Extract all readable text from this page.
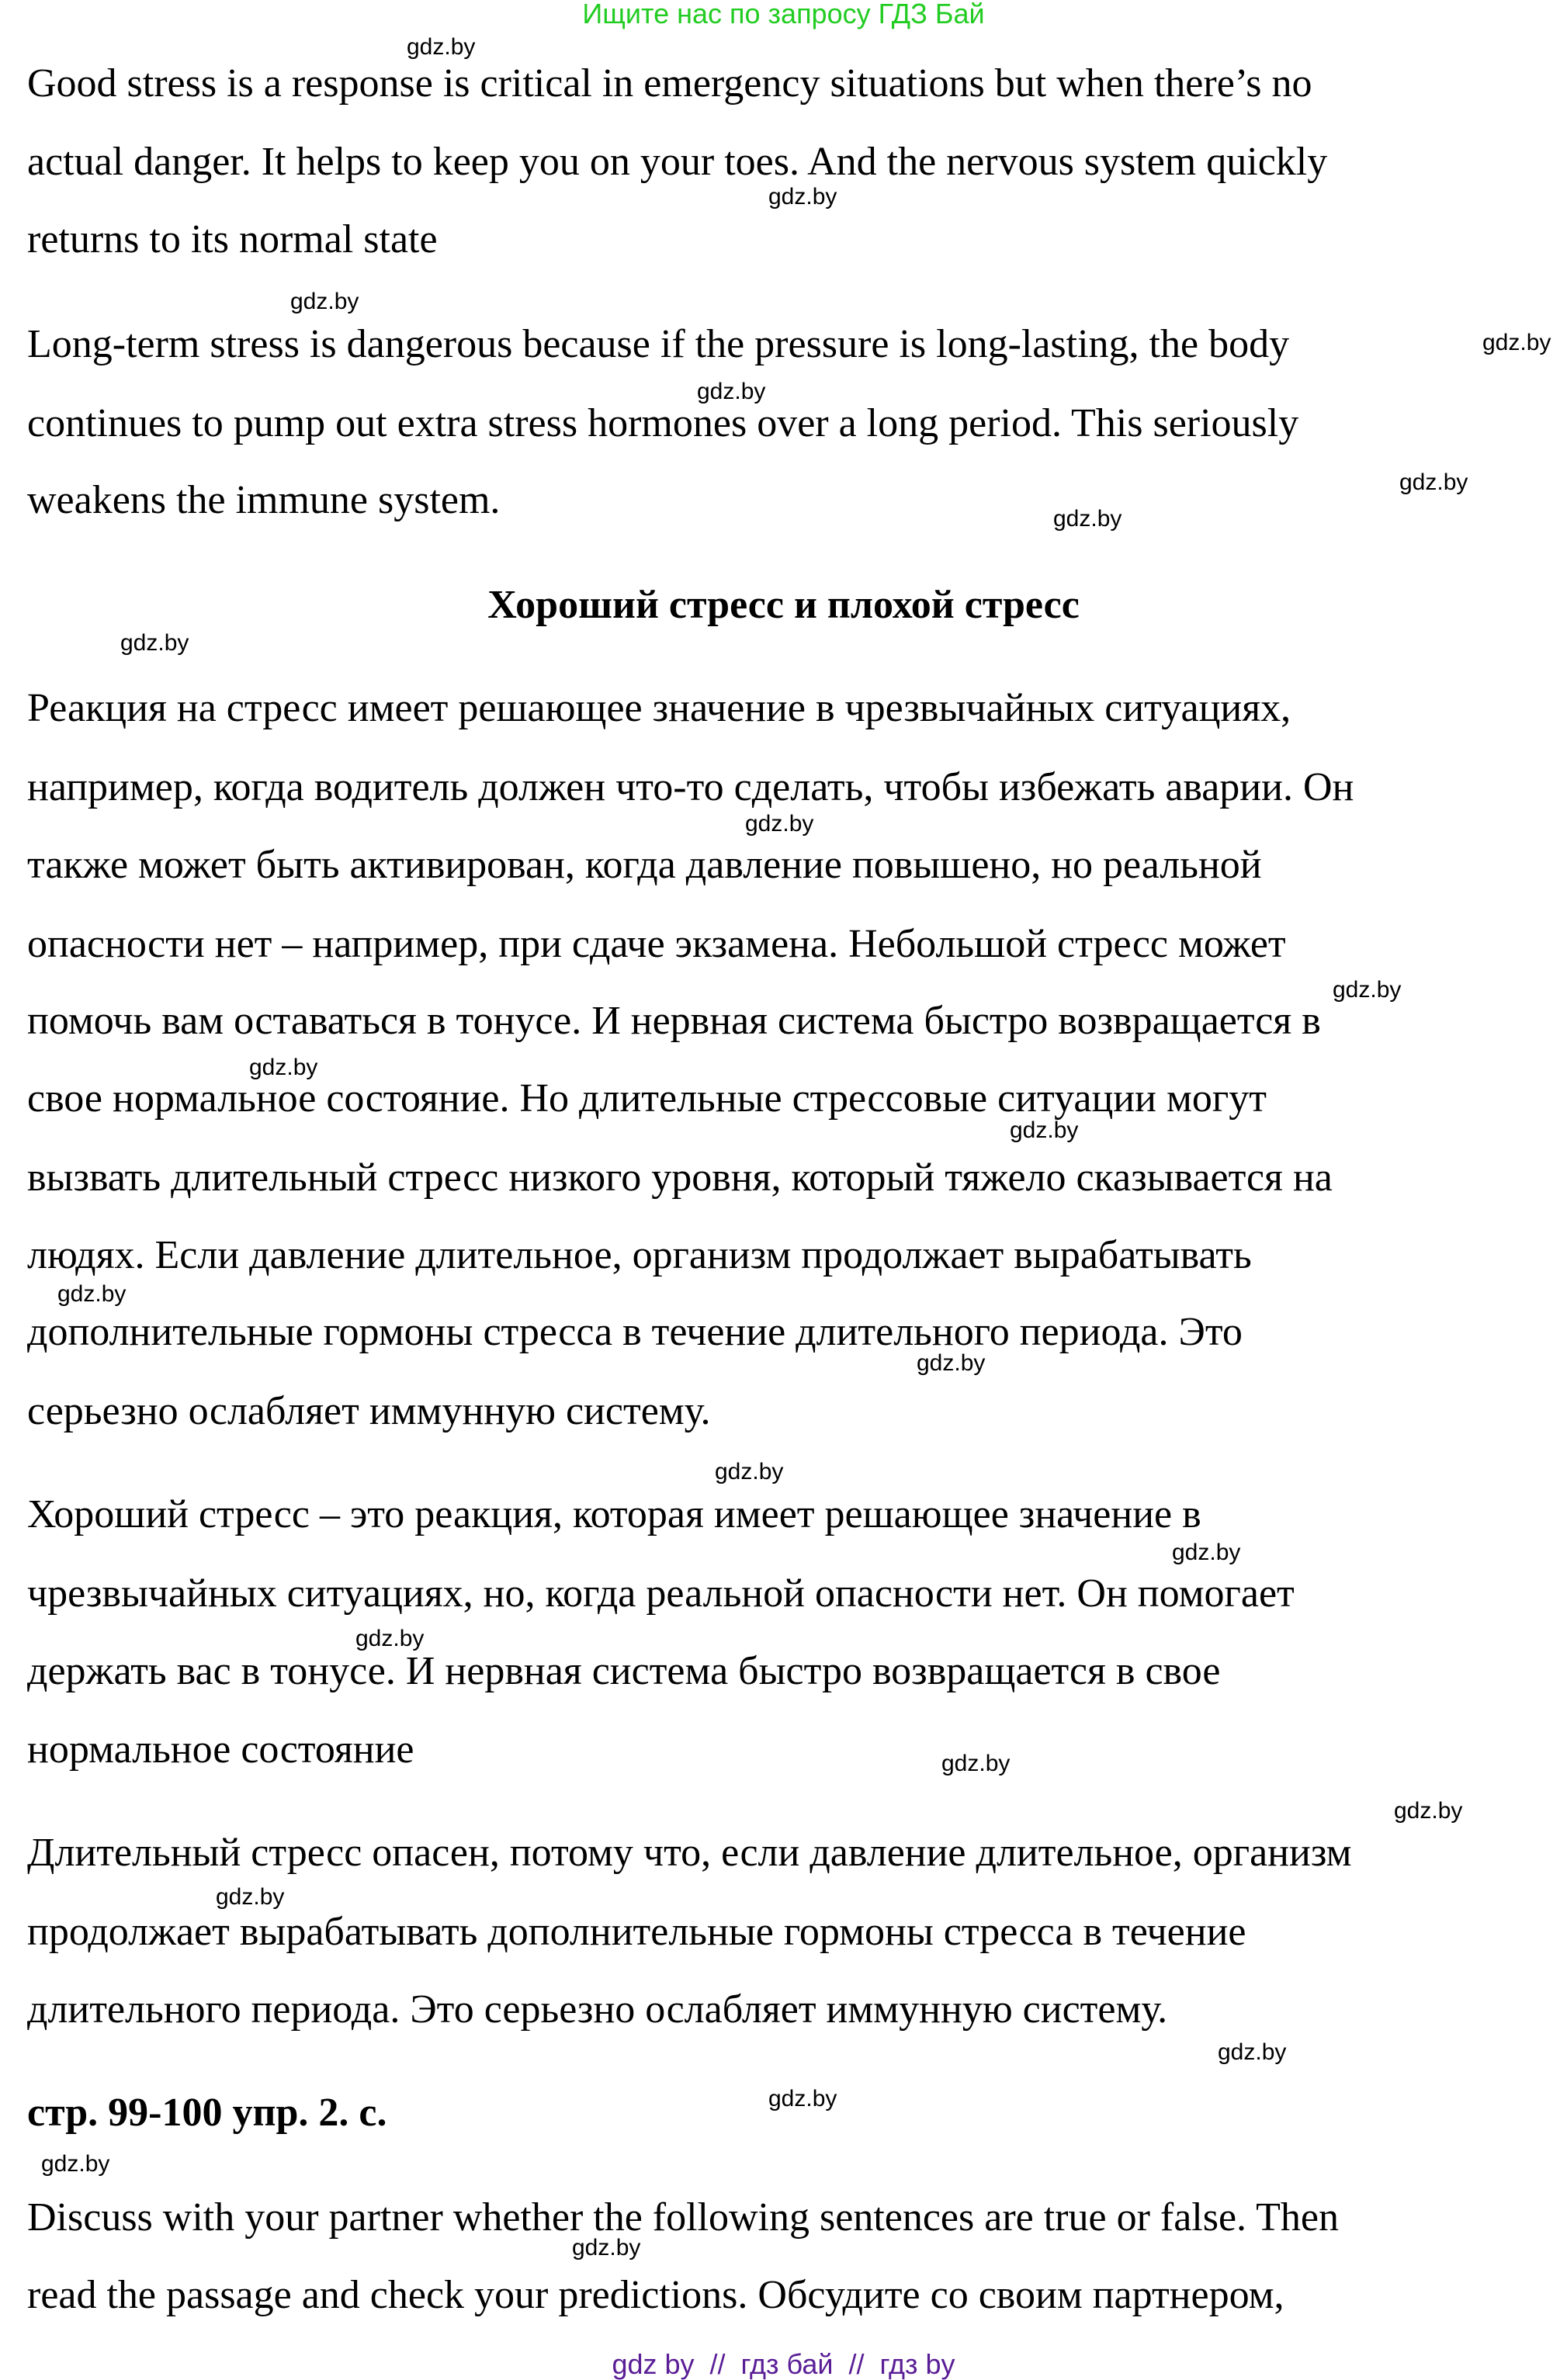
Ищите нас по запросу ГДЗ Бай
Good stress is a response is critical in emergency situations but when there’s no
actual danger. It helps to keep you on your toes. And the nervous system quickly
returns to its normal state
Long-term stress is dangerous because if the pressure is long-lasting, the body
continues to pump out extra stress hormones over a long period. This seriously
weakens the immune system.
Хороший стресс и плохой стресс
Реакция на стресс имеет решающее значение в чрезвычайных ситуациях,
например, когда водитель должен что-то сделать, чтобы избежать аварии. Он
также может быть активирован, когда давление повышено, но реальной
опасности нет – например, при сдаче экзамена. Небольшой стресс может
помочь вам оставаться в тонусе. И нервная система быстро возвращается в
свое нормальное состояние. Но длительные стрессовые ситуации могут
вызвать длительный стресс низкого уровня, который тяжело сказывается на
людях. Если давление длительное, организм продолжает вырабатывать
дополнительные гормоны стресса в течение длительного периода. Это
серьезно ослабляет иммунную систему.
Хороший стресс – это реакция, которая имеет решающее значение в
чрезвычайных ситуациях, но, когда реальной опасности нет. Он помогает
держать вас в тонусе. И нервная система быстро возвращается в свое
нормальное состояние
Длительный стресс опасен, потому что, если давление длительное, организм
продолжает вырабатывать дополнительные гормоны стресса в течение
длительного периода. Это серьезно ослабляет иммунную систему.
стр. 99-100 упр. 2. с.
Discuss with your partner whether the following sentences are true or false. Then
read the passage and check your predictions. Обсудите со своим партнером,
gdz.by
gdz.by
gdz.by
gdz.by
gdz.by
gdz.by
gdz.by
gdz.by
gdz.by
gdz.by
gdz.by
gdz.by
gdz.by
gdz.by
gdz.by
gdz.by
gdz.by
gdz.by
gdz.by
gdz.by
gdz.by
gdz.by
gdz.by
gdz.by
gdz by  //  гдз бай  //  гдз by
